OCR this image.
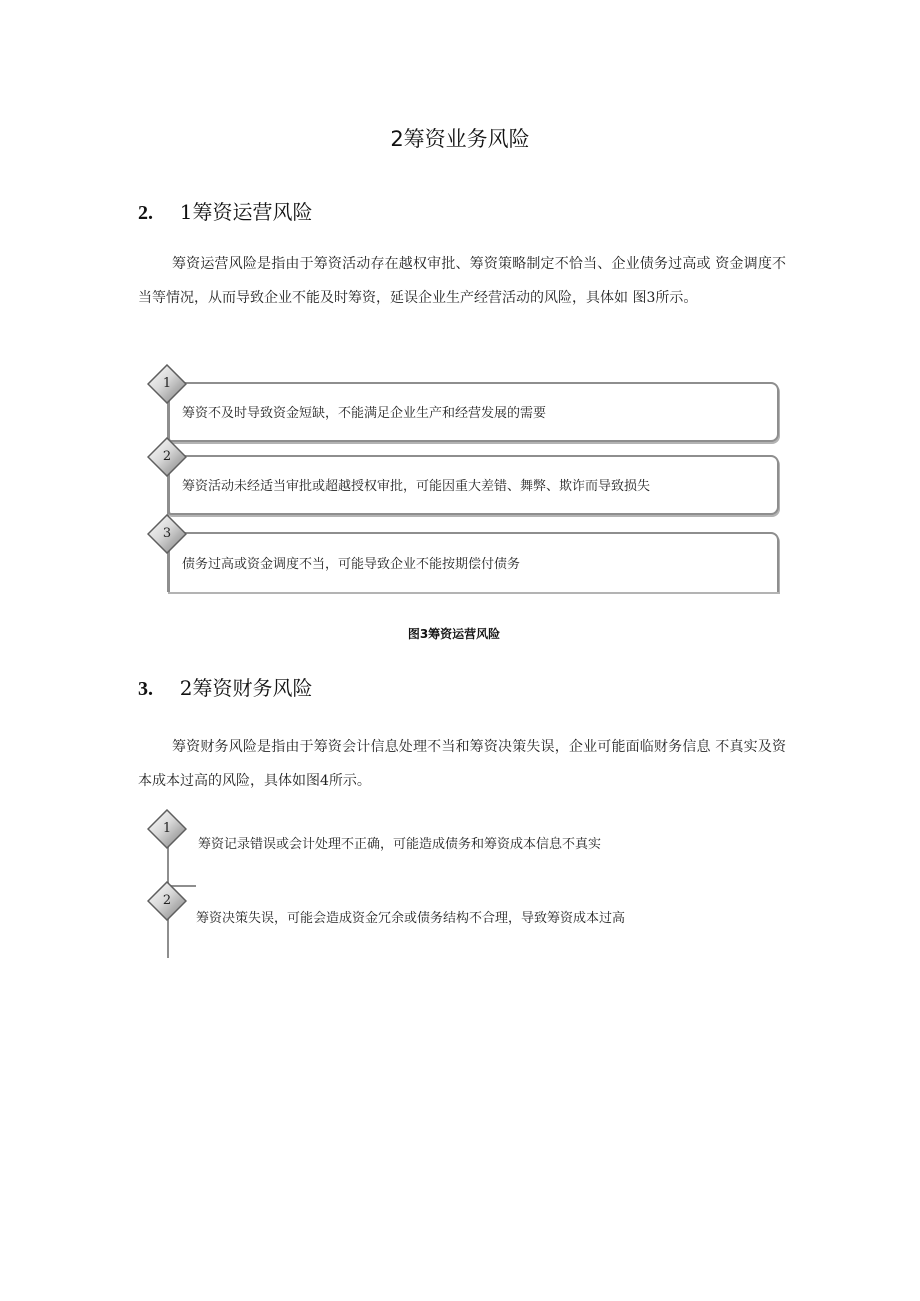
2筹资业务风险
2. 1筹资运营风险
筹资运营风险是指由于筹资活动存在越权审批、筹资策略制定不恰当、企业债务过高或 资金调度不当等情况，从而导致企业不能及时筹资，延误企业生产经营活动的风险，具体如 图3所示。
筹资不及时导致资金短缺，不能满足企业生产和经营发展的需要
筹资活动未经适当审批或超越授权审批，可能因重大差错、舞弊、欺诈而导致损失
债务过高或资金调度不当，可能导致企业不能按期偿付债务
1
2
3
图3筹资运营风险
3. 2筹资财务风险
筹资财务风险是指由于筹资会计信息处理不当和筹资决策失误，企业可能面临财务信息 不真实及资本成本过高的风险，具体如图4所示。
筹资记录错误或会计处理不正确，可能造成债务和筹资成本信息不真实
筹资决策失误，可能会造成资金冗余或债务结构不合理，导致筹资成本过高
1
2
